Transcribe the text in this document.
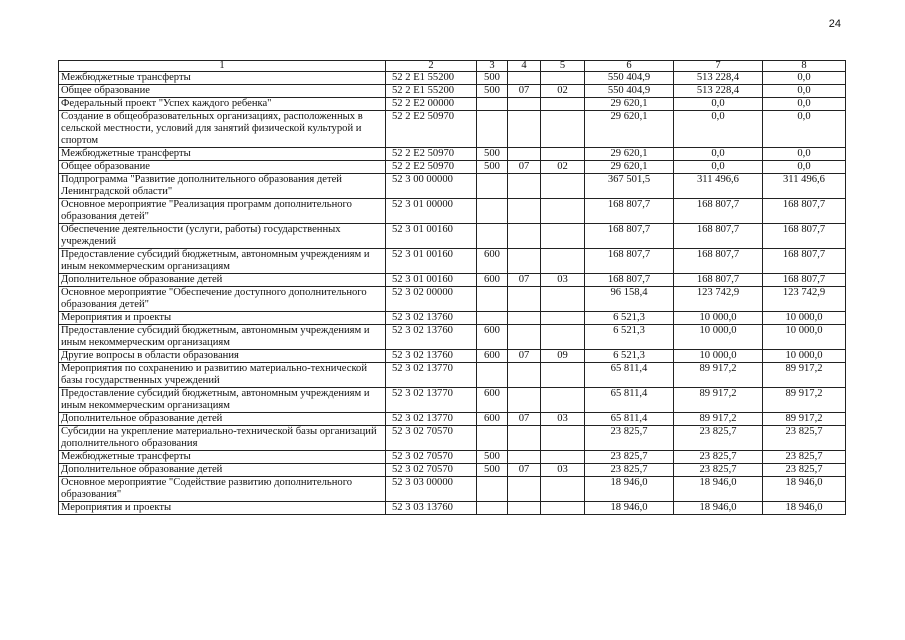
24
1	2	3	4	5	6	7	8
Межбюджетные трансферты	52 2 E1 55200	500			550 404,9	513 228,4	0,0
Общее образование	52 2 E1 55200	500	07	02	550 404,9	513 228,4	0,0
Федеральный проект "Успех каждого ребенка"	52 2 E2 00000				29 620,1	0,0	0,0
Создание в общеобразовательных организациях, расположенных в сельской местности, условий для занятий физической культурой и спортом	52 2 E2 50970				29 620,1	0,0	0,0
Межбюджетные трансферты	52 2 E2 50970	500			29 620,1	0,0	0,0
Общее образование	52 2 E2 50970	500	07	02	29 620,1	0,0	0,0
Подпрограмма "Развитие дополнительного образования детей Ленинградской области"	52 3 00 00000				367 501,5	311 496,6	311 496,6
Основное мероприятие "Реализация программ дополнительного образования детей"	52 3 01 00000				168 807,7	168 807,7	168 807,7
Обеспечение деятельности (услуги, работы) государственных учреждений	52 3 01 00160				168 807,7	168 807,7	168 807,7
Предоставление субсидий бюджетным, автономным учреждениям и иным некоммерческим организациям	52 3 01 00160	600			168 807,7	168 807,7	168 807,7
Дополнительное образование детей	52 3 01 00160	600	07	03	168 807,7	168 807,7	168 807,7
Основное мероприятие "Обеспечение доступного дополнительного образования детей"	52 3 02 00000				96 158,4	123 742,9	123 742,9
Мероприятия и проекты	52 3 02 13760				6 521,3	10 000,0	10 000,0
Предоставление субсидий бюджетным, автономным учреждениям и иным некоммерческим организациям	52 3 02 13760	600			6 521,3	10 000,0	10 000,0
Другие вопросы в области образования	52 3 02 13760	600	07	09	6 521,3	10 000,0	10 000,0
Мероприятия по сохранению и развитию материально-технической базы государственных учреждений	52 3 02 13770				65 811,4	89 917,2	89 917,2
Предоставление субсидий бюджетным, автономным учреждениям и иным некоммерческим организациям	52 3 02 13770	600			65 811,4	89 917,2	89 917,2
Дополнительное образование детей	52 3 02 13770	600	07	03	65 811,4	89 917,2	89 917,2
Субсидии на укрепление материально-технической базы организаций дополнительного образования	52 3 02 70570				23 825,7	23 825,7	23 825,7
Межбюджетные трансферты	52 3 02 70570	500			23 825,7	23 825,7	23 825,7
Дополнительное образование детей	52 3 02 70570	500	07	03	23 825,7	23 825,7	23 825,7
Основное мероприятие "Содействие развитию дополнительного образования"	52 3 03 00000				18 946,0	18 946,0	18 946,0
Мероприятия и проекты	52 3 03 13760				18 946,0	18 946,0	18 946,0
